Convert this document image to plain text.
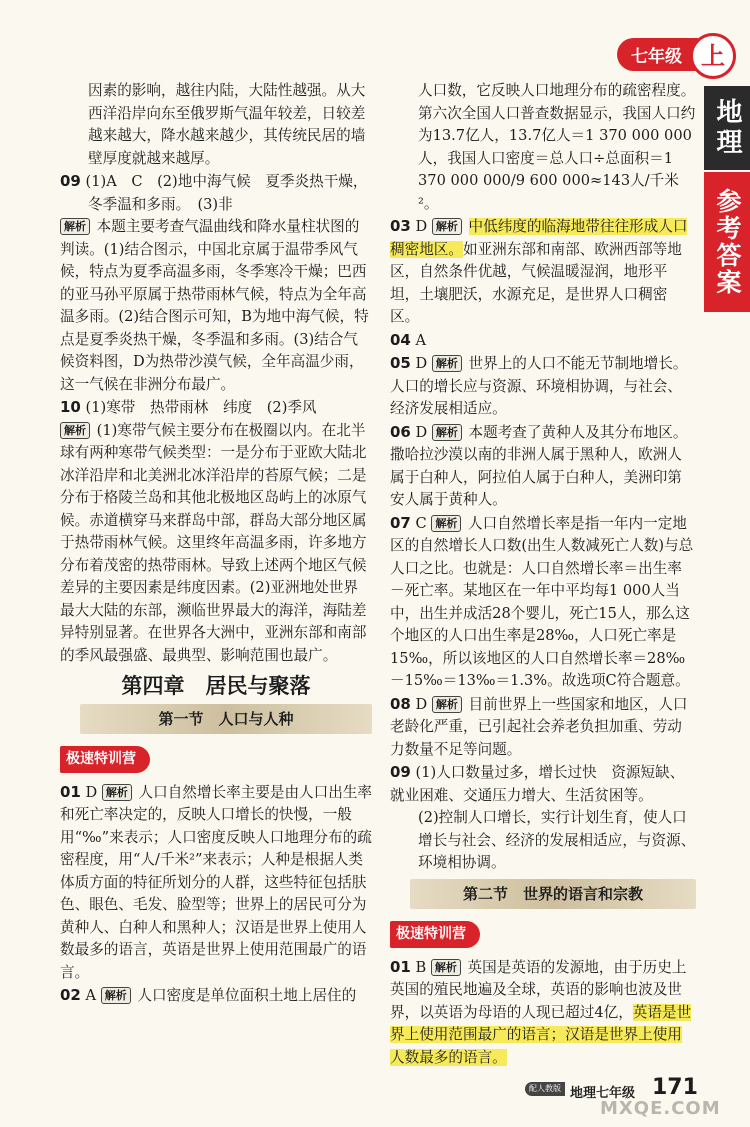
七年级 上
地理
参考答案

因素的影响，越往内陆，大陆性越强。从大西洋沿岸向东至俄罗斯气温年较差，日较差越来越大，降水越来越少，其传统民居的墙壁厚度就越来越厚。

09 (1)A　C　(2)地中海气候　夏季炎热干燥，

冬季温和多雨。　(3)非

解析 本题主要考查气温曲线和降水量柱状图的判读。(1)结合图示，中国北京属于温带季风气候，特点为夏季高温多雨，冬季寒冷干燥；巴西的亚马孙平原属于热带雨林气候，特点为全年高温多雨。(2)结合图示可知，B为地中海气候，特点是夏季炎热干燥，冬季温和多雨。(3)结合气候资料图，D为热带沙漠气候，全年高温少雨，这一气候在非洲分布最广。

10 (1)寒带　热带雨林　纬度　(2)季风

解析 (1)寒带气候主要分布在极圈以内。在北半球有两种寒带气候类型：一是分布于亚欧大陆北冰洋沿岸和北美洲北冰洋沿岸的苔原气候；二是分布于格陵兰岛和其他北极地区岛屿上的冰原气候。赤道横穿马来群岛中部，群岛大部分地区属于热带雨林气候。这里终年高温多雨，许多地方分布着茂密的热带雨林。导致上述两个地区气候差异的主要因素是纬度因素。(2)亚洲地处世界最大大陆的东部，濒临世界最大的海洋，海陆差异特别显著。在世界各大洲中，亚洲东部和南部的季风最强盛、最典型、影响范围也最广。

第四章　居民与聚落
第一节　人口与人种
极速特训营

01 D 解析 人口自然增长率主要是由人口出生率和死亡率决定的，反映人口增长的快慢，一般用“‰”来表示；人口密度反映人口地理分布的疏密程度，用“人/千米²”来表示；人种是根据人类体质方面的特征所划分的人群，这些特征包括肤色、眼色、毛发、脸型等；世界上的居民可分为黄种人、白种人和黑种人；汉语是世界上使用人数最多的语言，英语是世界上使用范围最广的语言。

02 A 解析 人口密度是单位面积土地上居住的

人口数，它反映人口地理分布的疏密程度。第六次全国人口普查数据显示，我国人口约为13.7亿人，13.7亿人＝1 370 000 000人，我国人口密度＝总人口÷总面积＝1 370 000 000/9 600 000≈143人/千米²。

03 D 解析 中低纬度的临海地带往往形成人口稠密地区。如亚洲东部和南部、欧洲西部等地区，自然条件优越，气候温暖湿润，地形平坦，土壤肥沃，水源充足，是世界人口稠密区。

04 A

05 D 解析 世界上的人口不能无节制地增长。人口的增长应与资源、环境相协调，与社会、经济发展相适应。

06 D 解析 本题考查了黄种人及其分布地区。撒哈拉沙漠以南的非洲人属于黑种人，欧洲人属于白种人，阿拉伯人属于白种人，美洲印第安人属于黄种人。

07 C 解析 人口自然增长率是指一年内一定地区的自然增长人口数(出生人数减死亡人数)与总人口之比。也就是：人口自然增长率＝出生率－死亡率。某地区在一年中平均每1 000人当中，出生并成活28个婴儿，死亡15人，那么这个地区的人口出生率是28‰，人口死亡率是15‰，所以该地区的人口自然增长率＝28‰－15‰＝13‰＝1.3%。故选项C符合题意。

08 D 解析 目前世界上一些国家和地区，人口老龄化严重，已引起社会养老负担加重、劳动力数量不足等问题。

09 (1)人口数量过多，增长过快　资源短缺、就业困难、交通压力增大、生活贫困等。

(2)控制人口增长，实行计划生育，使人口增长与社会、经济的发展相适应，与资源、环境相协调。

第二节　世界的语言和宗教
极速特训营

01 B 解析 英国是英语的发源地，由于历史上英国的殖民地遍及全球，英语的影响也波及世界，以英语为母语的人现已超过4亿，英语是世界上使用范围最广的语言；汉语是世界上使用人数最多的语言。

配人教版 地理七年级 171
MXQE.COM
